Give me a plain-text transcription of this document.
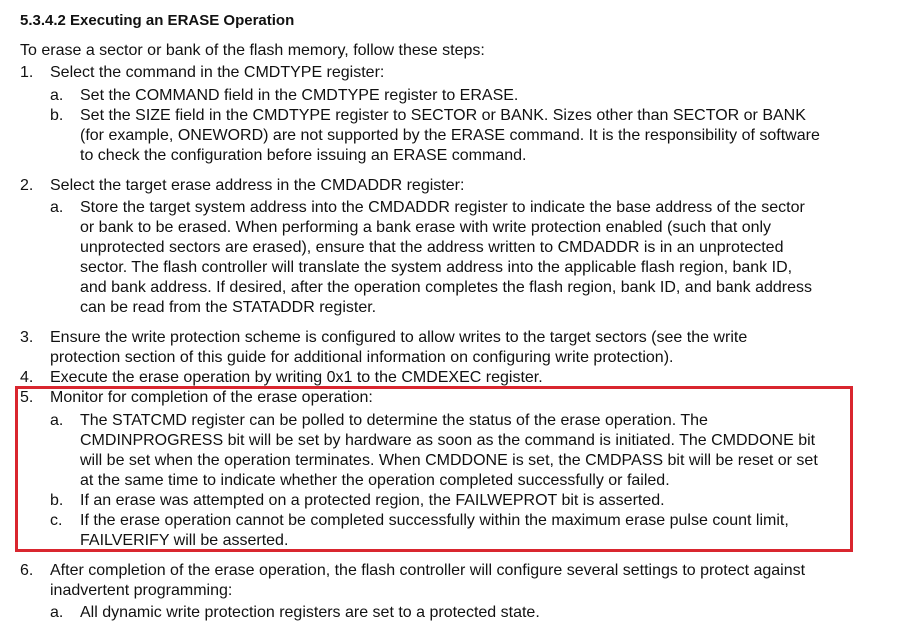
5.3.4.2 Executing an ERASE Operation
To erase a sector or bank of the flash memory, follow these steps:
1. Select the command in the CMDTYPE register:
a. Set the COMMAND field in the CMDTYPE register to ERASE.
b. Set the SIZE field in the CMDTYPE register to SECTOR or BANK. Sizes other than SECTOR or BANK
(for example, ONEWORD) are not supported by the ERASE command. It is the responsibility of software
to check the configuration before issuing an ERASE command.
2. Select the target erase address in the CMDADDR register:
a. Store the target system address into the CMDADDR register to indicate the base address of the sector
or bank to be erased. When performing a bank erase with write protection enabled (such that only
unprotected sectors are erased), ensure that the address written to CMDADDR is in an unprotected
sector. The flash controller will translate the system address into the applicable flash region, bank ID,
and bank address. If desired, after the operation completes the flash region, bank ID, and bank address
can be read from the STATADDR register.
3. Ensure the write protection scheme is configured to allow writes to the target sectors (see the write
protection section of this guide for additional information on configuring write protection).
4. Execute the erase operation by writing 0x1 to the CMDEXEC register.
5. Monitor for completion of the erase operation:
a. The STATCMD register can be polled to determine the status of the erase operation. The
CMDINPROGRESS bit will be set by hardware as soon as the command is initiated. The CMDDONE bit
will be set when the operation terminates. When CMDDONE is set, the CMDPASS bit will be reset or set
at the same time to indicate whether the operation completed successfully or failed.
b. If an erase was attempted on a protected region, the FAILWEPROT bit is asserted.
c. If the erase operation cannot be completed successfully within the maximum erase pulse count limit,
FAILVERIFY will be asserted.
6. After completion of the erase operation, the flash controller will configure several settings to protect against
inadvertent programming:
a. All dynamic write protection registers are set to a protected state.
